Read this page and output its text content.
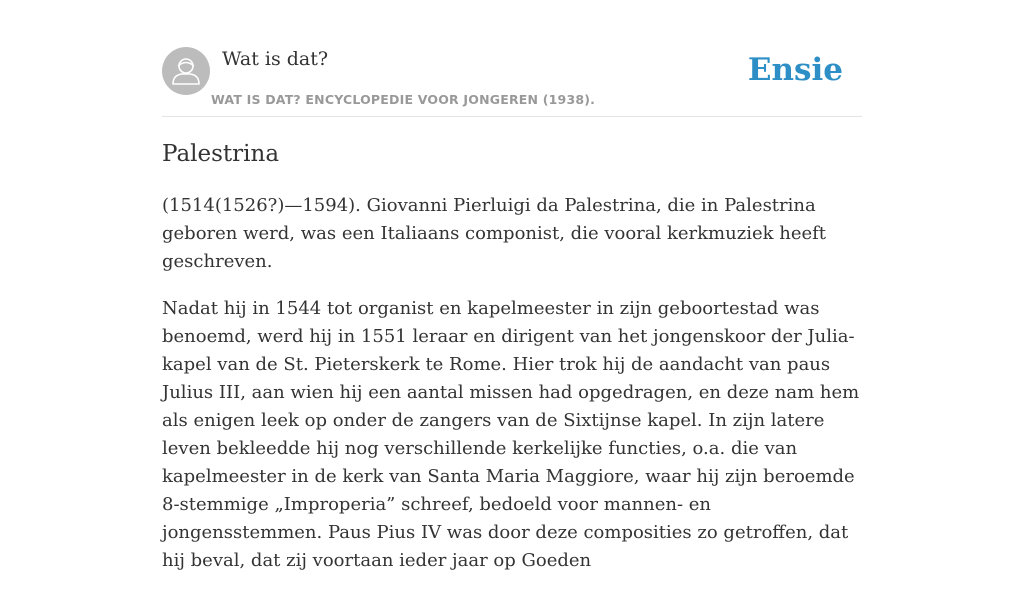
Wat is dat?
WAT IS DAT? ENCYCLOPEDIE VOOR JONGEREN (1938).
Ensie
Palestrina

(1514(1526?)—1594). Giovanni Pierluigi da Palestrina, die in Palestrina geboren werd, was een Italiaans componist, die vooral kerkmuziek heeft geschreven.

Nadat hij in 1544 tot organist en kapelmeester in zijn geboortestad was benoemd, werd hij in 1551 leraar en dirigent van het jongenskoor der Julia-kapel van de St. Pieterskerk te Rome. Hier trok hij de aandacht van paus Julius III, aan wien hij een aantal missen had opgedragen, en deze nam hem als enigen leek op onder de zangers van de Sixtijnse kapel. In zijn latere leven bekleedde hij nog verschillende kerkelijke functies, o.a. die van kapelmeester in de kerk van Santa Maria Maggiore, waar hij zijn beroemde 8-stemmige „Improperia” schreef, bedoeld voor mannen- en jongensstemmen. Paus Pius IV was door deze composities zo getroffen, dat hij beval, dat zij voortaan ieder jaar op Goeden
